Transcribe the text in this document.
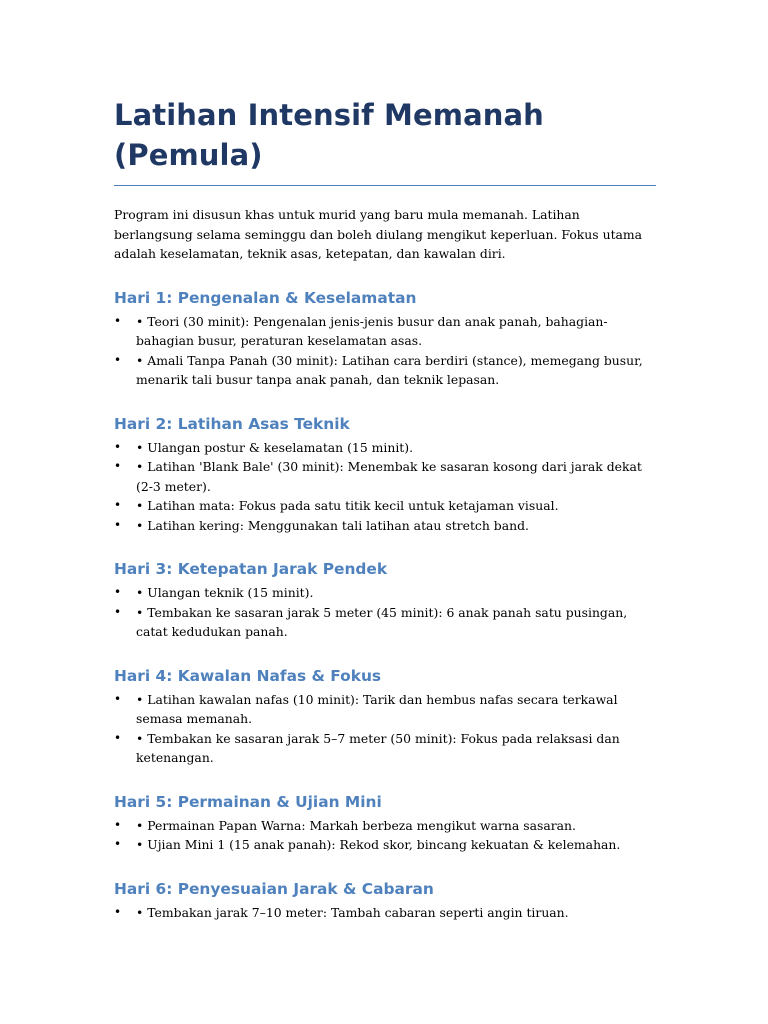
Latihan Intensif Memanah (Pemula)

Program ini disusun khas untuk murid yang baru mula memanah. Latihan berlangsung selama seminggu dan boleh diulang mengikut keperluan. Fokus utama adalah keselamatan, teknik asas, ketepatan, dan kawalan diri.

Hari 1: Pengenalan & Keselamatan
• • Teori (30 minit): Pengenalan jenis-jenis busur dan anak panah, bahagian-bahagian busur, peraturan keselamatan asas.
• • Amali Tanpa Panah (30 minit): Latihan cara berdiri (stance), memegang busur, menarik tali busur tanpa anak panah, dan teknik lepasan.
Hari 2: Latihan Asas Teknik
• • Ulangan postur & keselamatan (15 minit).
• • Latihan 'Blank Bale' (30 minit): Menembak ke sasaran kosong dari jarak dekat (2-3 meter).
• • Latihan mata: Fokus pada satu titik kecil untuk ketajaman visual.
• • Latihan kering: Menggunakan tali latihan atau stretch band.
Hari 3: Ketepatan Jarak Pendek
• • Ulangan teknik (15 minit).
• • Tembakan ke sasaran jarak 5 meter (45 minit): 6 anak panah satu pusingan, catat kedudukan panah.
Hari 4: Kawalan Nafas & Fokus
• • Latihan kawalan nafas (10 minit): Tarik dan hembus nafas secara terkawal semasa memanah.
• • Tembakan ke sasaran jarak 5–7 meter (50 minit): Fokus pada relaksasi dan ketenangan.
Hari 5: Permainan & Ujian Mini
• • Permainan Papan Warna: Markah berbeza mengikut warna sasaran.
• • Ujian Mini 1 (15 anak panah): Rekod skor, bincang kekuatan & kelemahan.
Hari 6: Penyesuaian Jarak & Cabaran
• • Tembakan jarak 7–10 meter: Tambah cabaran seperti angin tiruan.
